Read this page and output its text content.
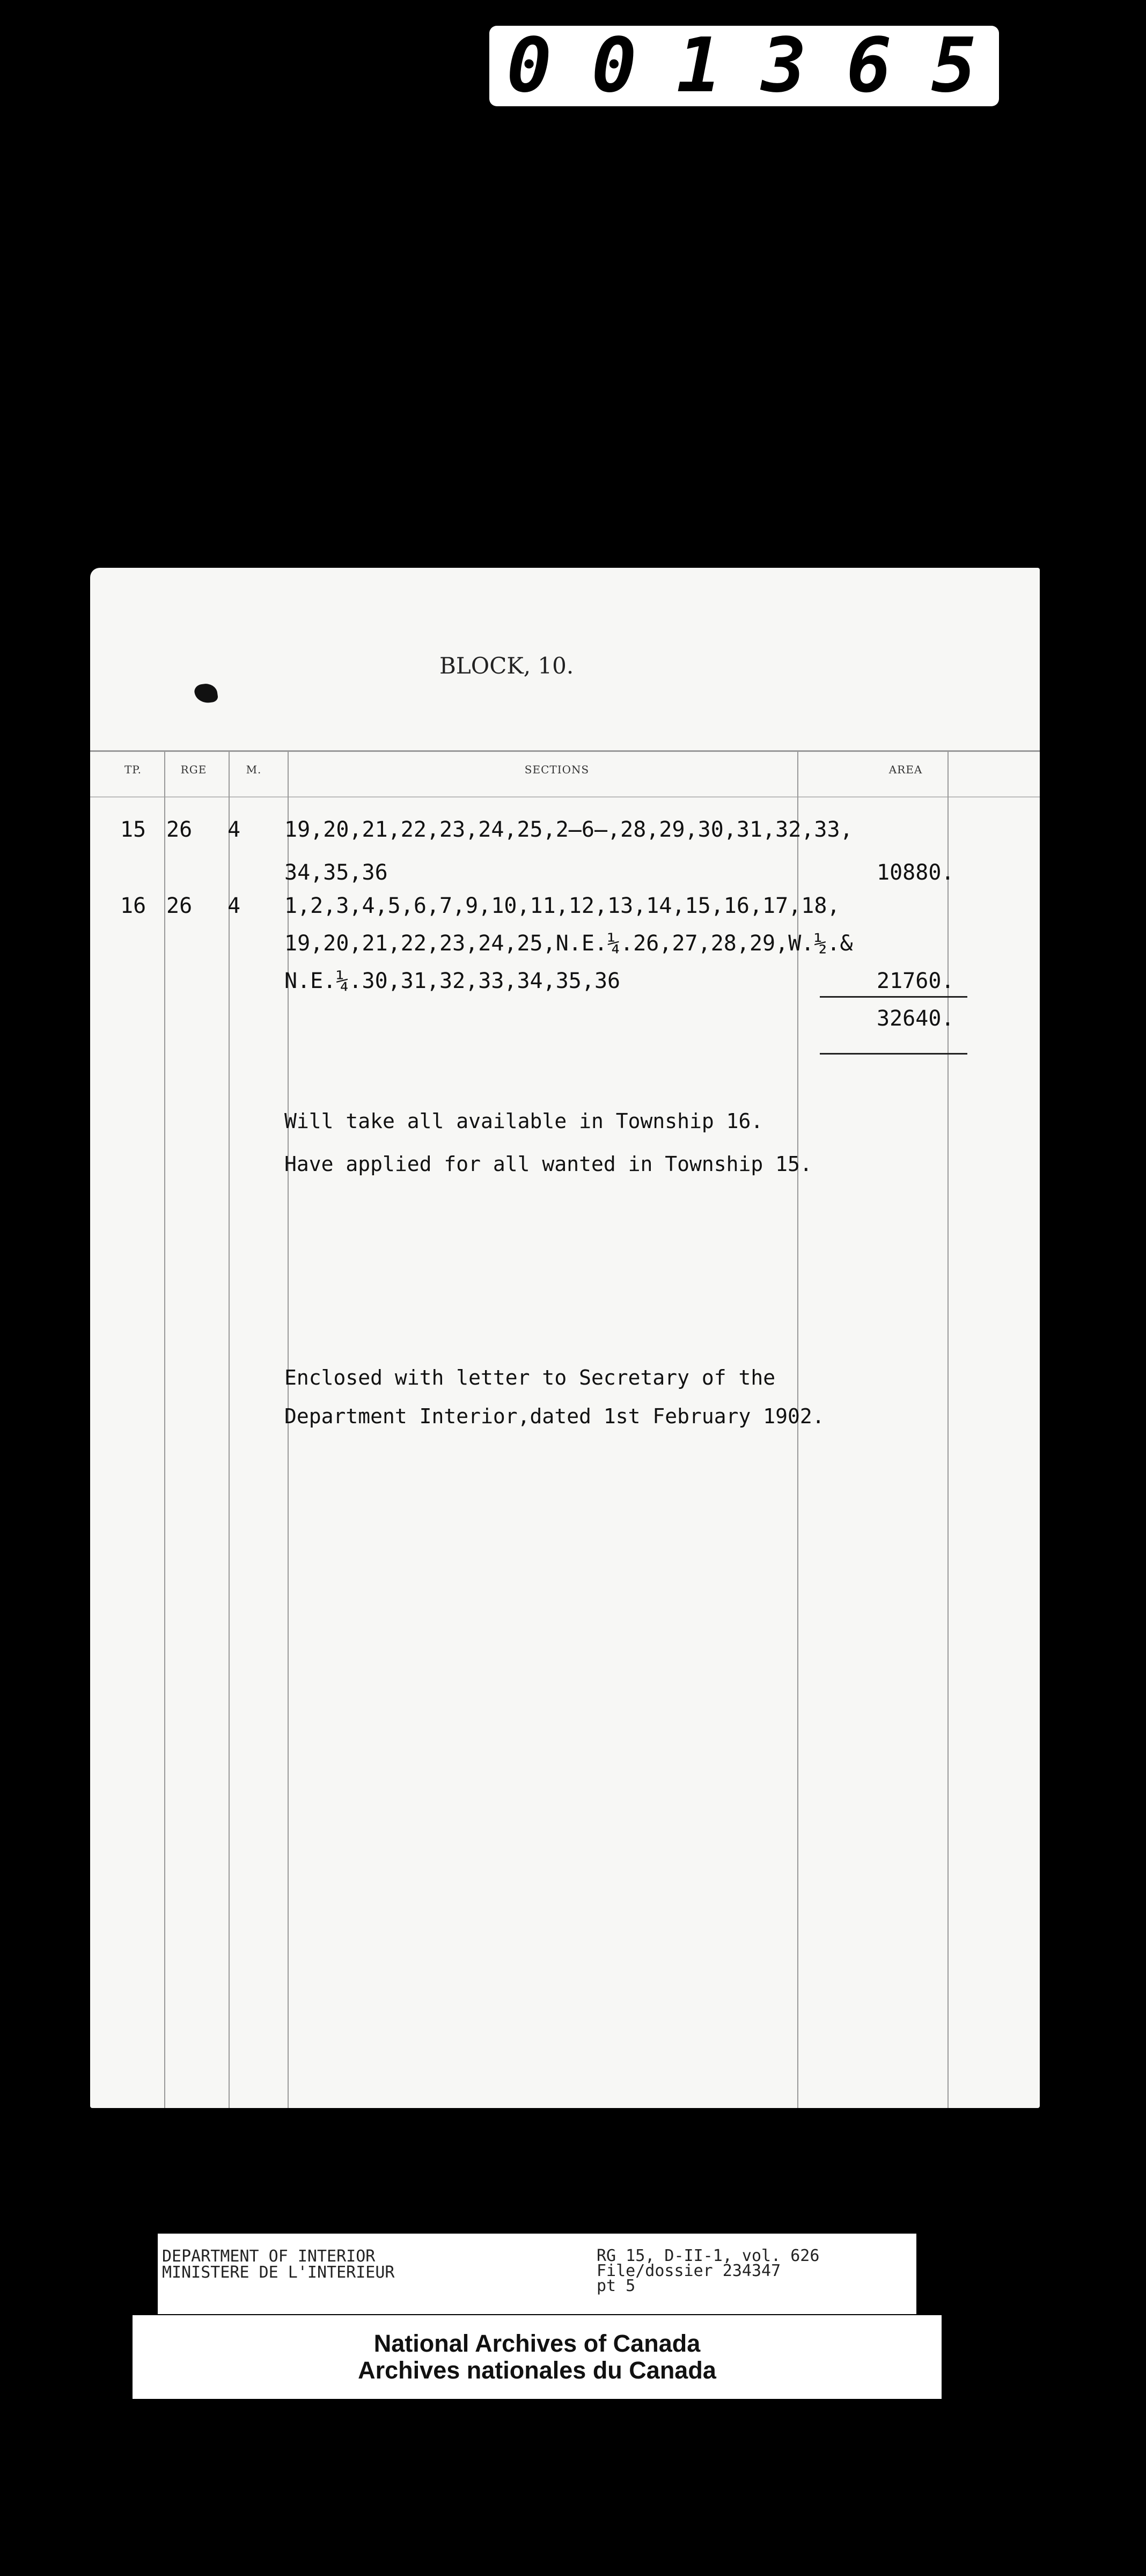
0 0 1 3 6 5
BLOCK, 10.
TP.	RGE	M.	SECTIONS	AREA
15 26 4 19,20,21,22,23,24,25,2̶6̶,28,29,30,31,32,33,
34,35,36	10880.
16 26 4 1,2,3,4,5,6,7,9,10,11,12,13,14,15,16,17,18,
19,20,21,22,23,24,25,N.E.¼.26,27,28,29,W.½.&
N.E.¼.30,31,32,33,34,35,36	21760.
32640.
Will take all available in Township 16.
Have applied for all wanted in Township 15.
Enclosed with letter to Secretary of the
Department Interior,dated 1st February 1902.
DEPARTMENT OF INTERIOR
MINISTERE DE L'INTERIEUR
RG 15, D-II-1, vol. 626
File/dossier 234347
pt 5
National Archives of Canada
Archives nationales du Canada
